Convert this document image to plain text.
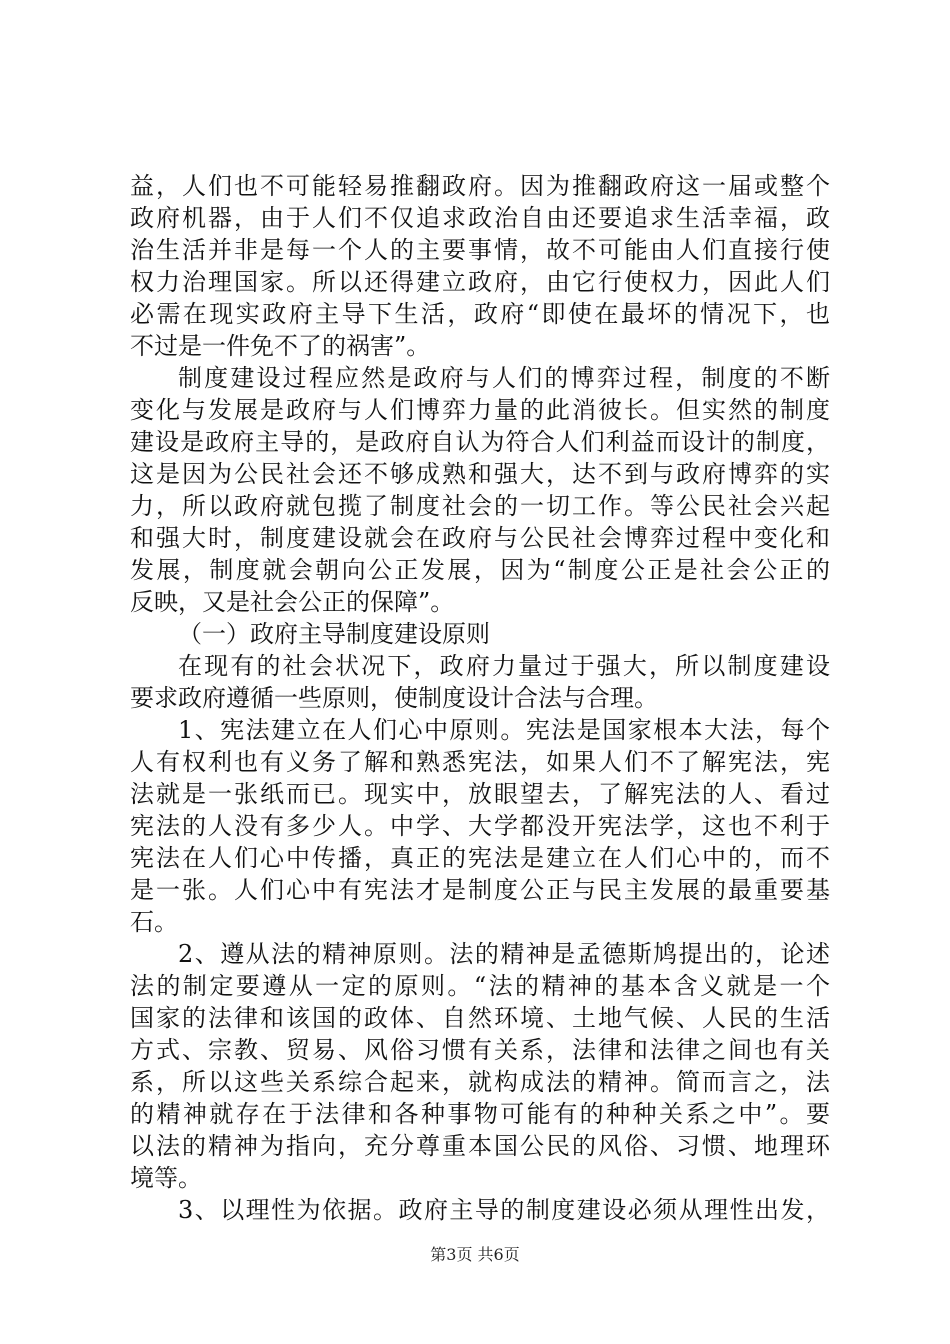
益，人们也不可能轻易推翻政府。因为推翻政府这一届或整个
政府机器，由于人们不仅追求政治自由还要追求生活幸福，政
治生活并非是每一个人的主要事情，故不可能由人们直接行使
权力治理国家。所以还得建立政府，由它行使权力，因此人们
必需在现实政府主导下生活，政府“即使在最坏的情况下，也
不过是一件免不了的祸害”。
制度建设过程应然是政府与人们的博弈过程，制度的不断
变化与发展是政府与人们博弈力量的此消彼长。但实然的制度
建设是政府主导的，是政府自认为符合人们利益而设计的制度，
这是因为公民社会还不够成熟和强大，达不到与政府博弈的实
力，所以政府就包揽了制度社会的一切工作。等公民社会兴起
和强大时，制度建设就会在政府与公民社会博弈过程中变化和
发展，制度就会朝向公正发展，因为“制度公正是社会公正的
反映，又是社会公正的保障”。
（一）政府主导制度建设原则
在现有的社会状况下，政府力量过于强大，所以制度建设
要求政府遵循一些原则，使制度设计合法与合理。
1、宪法建立在人们心中原则。宪法是国家根本大法，每个
人有权利也有义务了解和熟悉宪法，如果人们不了解宪法，宪
法就是一张纸而已。现实中，放眼望去，了解宪法的人、看过
宪法的人没有多少人。中学、大学都没开宪法学，这也不利于
宪法在人们心中传播，真正的宪法是建立在人们心中的，而不
是一张。人们心中有宪法才是制度公正与民主发展的最重要基
石。
2、遵从法的精神原则。法的精神是孟德斯鸠提出的，论述
法的制定要遵从一定的原则。“法的精神的基本含义就是一个
国家的法律和该国的政体、自然环境、土地气候、人民的生活
方式、宗教、贸易、风俗习惯有关系，法律和法律之间也有关
系，所以这些关系综合起来，就构成法的精神。简而言之，法
的精神就存在于法律和各种事物可能有的种种关系之中”。要
以法的精神为指向，充分尊重本国公民的风俗、习惯、地理环
境等。
3、以理性为依据。政府主导的制度建设必须从理性出发，
第3页 共6页
